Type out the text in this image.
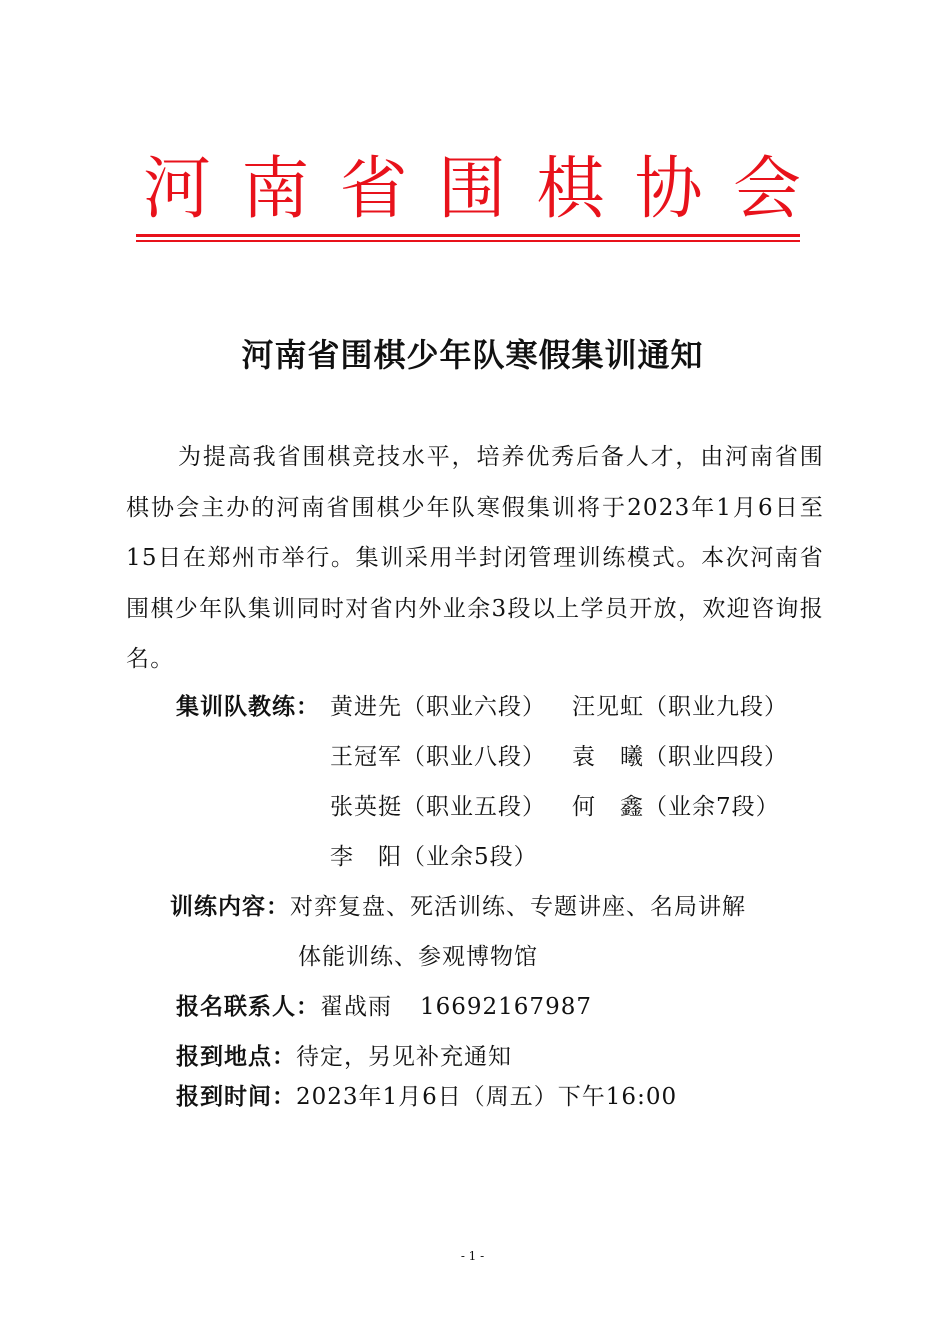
河 南 省 围 棋 协 会
河南省围棋少年队寒假集训通知
为提高我省围棋竞技水平，培养优秀后备人才，由河南省围棋协会主办的河南省围棋少年队寒假集训将于2023年1月6日至15日在郑州市举行。集训采用半封闭管理训练模式。本次河南省围棋少年队集训同时对省内外业余3段以上学员开放，欢迎咨询报名。
集训队教练： 黄进先（职业六段） 汪见虹（职业九段）
王冠军（职业八段） 袁　曦（职业四段）
张英挺（职业五段） 何　鑫（业余7段）
李　阳（业余5段）
训练内容：对弈复盘、死活训练、专题讲座、名局讲解
体能训练、参观博物馆
报名联系人：翟战雨 16692167987
报到地点：待定，另见补充通知
报到时间：2023年1月6日（周五）下午16:00
- 1 -
